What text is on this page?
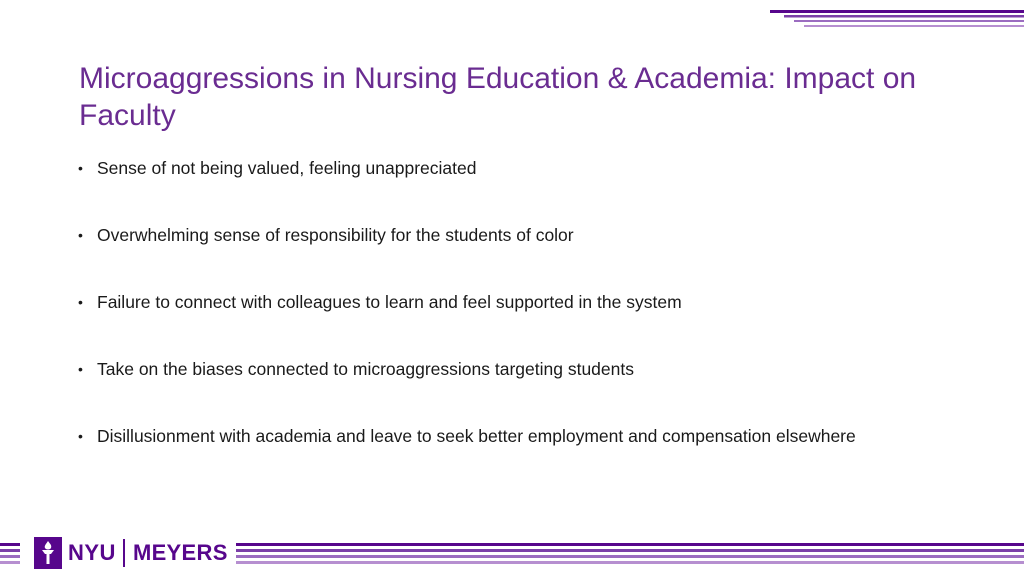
Microaggressions in Nursing Education & Academia: Impact on Faculty
• Sense of not being valued, feeling unappreciated
• Overwhelming sense of responsibility for the students of color
• Failure to connect with colleagues to learn and feel supported in the system
• Take on the biases connected to microaggressions targeting students
• Disillusionment with academia and leave to seek better employment and compensation elsewhere
NYU MEYERS
